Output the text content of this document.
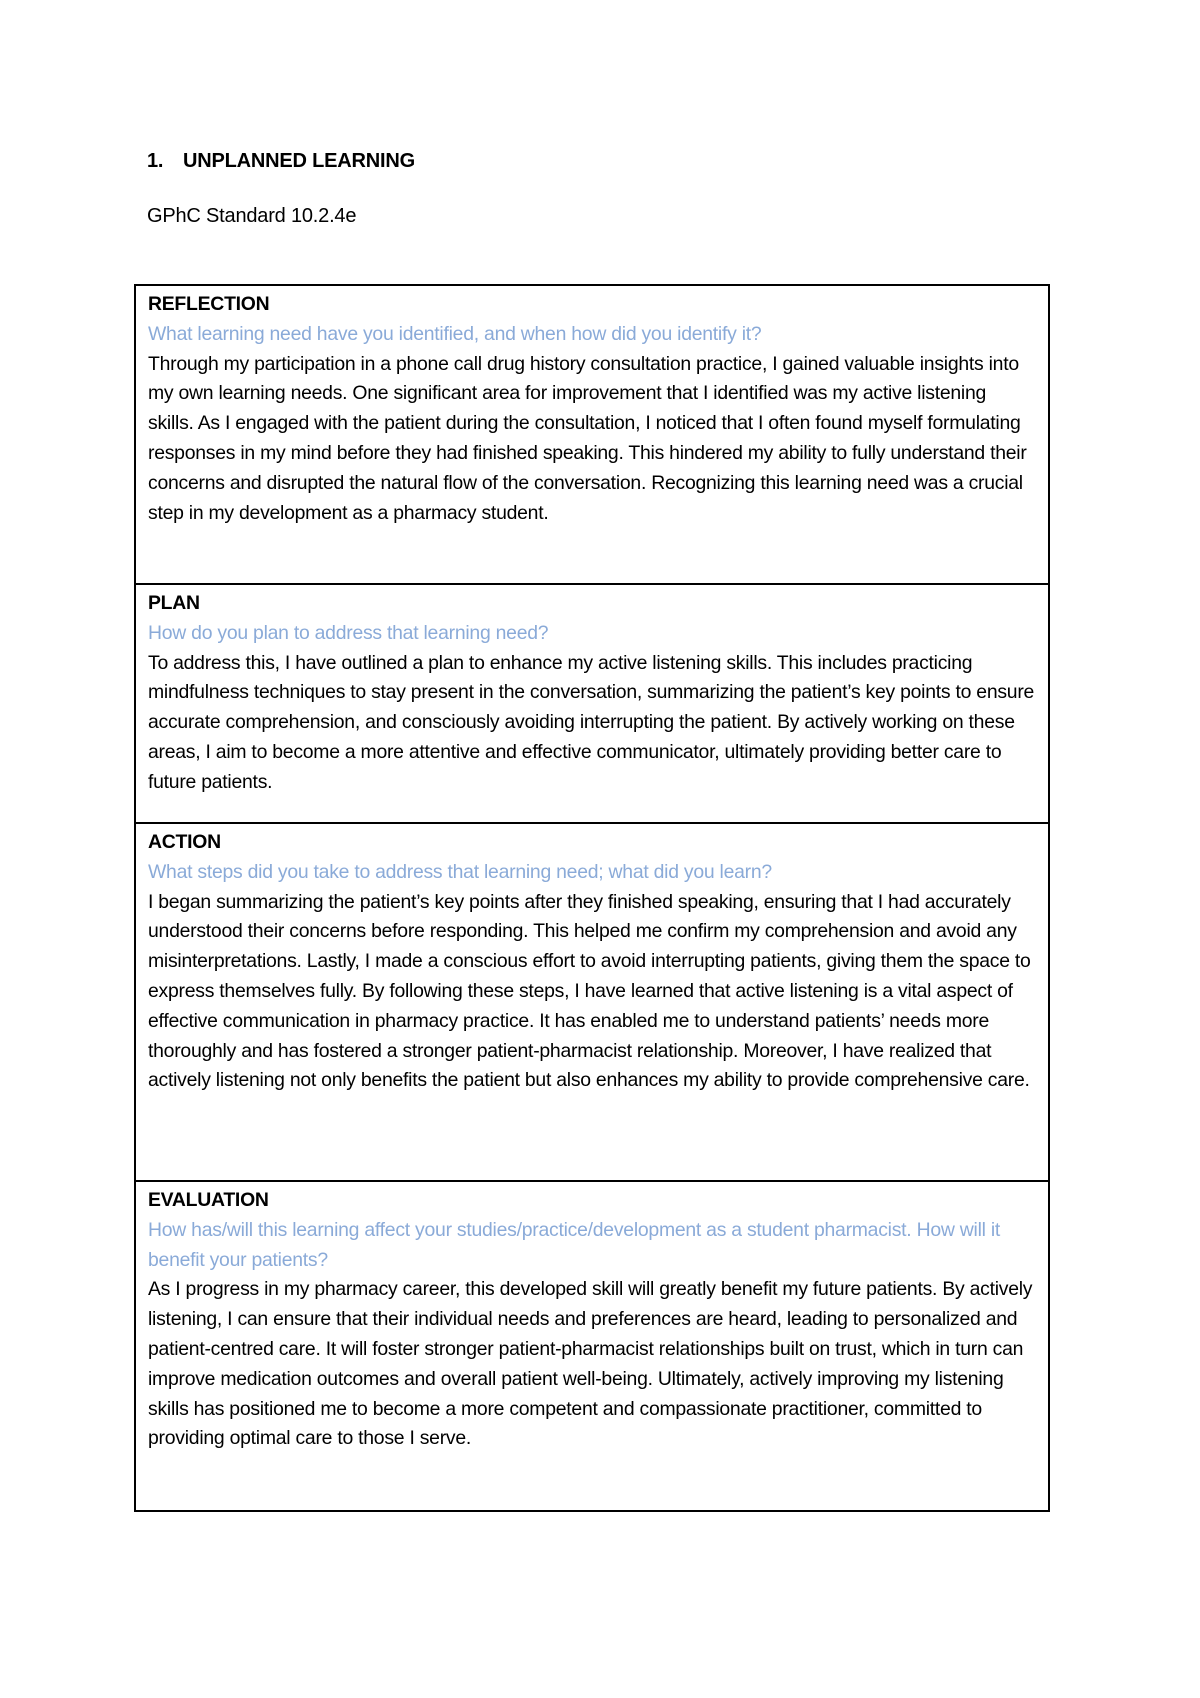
1. UNPLANNED LEARNING
GPhC Standard 10.2.4e
REFLECTION
What learning need have you identified, and when how did you identify it?
Through my participation in a phone call drug history consultation practice, I gained valuable insights into my own learning needs. One significant area for improvement that I identified was my active listening skills. As I engaged with the patient during the consultation, I noticed that I often found myself formulating responses in my mind before they had finished speaking. This hindered my ability to fully understand their concerns and disrupted the natural flow of the conversation. Recognizing this learning need was a crucial step in my development as a pharmacy student.
PLAN
How do you plan to address that learning need?
To address this, I have outlined a plan to enhance my active listening skills. This includes practicing mindfulness techniques to stay present in the conversation, summarizing the patient’s key points to ensure accurate comprehension, and consciously avoiding interrupting the patient. By actively working on these areas, I aim to become a more attentive and effective communicator, ultimately providing better care to future patients.
ACTION
What steps did you take to address that learning need; what did you learn?
I began summarizing the patient’s key points after they finished speaking, ensuring that I had accurately understood their concerns before responding. This helped me confirm my comprehension and avoid any misinterpretations. Lastly, I made a conscious effort to avoid interrupting patients, giving them the space to express themselves fully. By following these steps, I have learned that active listening is a vital aspect of effective communication in pharmacy practice. It has enabled me to understand patients’ needs more thoroughly and has fostered a stronger patient-pharmacist relationship. Moreover, I have realized that actively listening not only benefits the patient but also enhances my ability to provide comprehensive care.
EVALUATION
How has/will this learning affect your studies/practice/development as a student pharmacist. How will it benefit your patients?
As I progress in my pharmacy career, this developed skill will greatly benefit my future patients. By actively listening, I can ensure that their individual needs and preferences are heard, leading to personalized and patient-centred care. It will foster stronger patient-pharmacist relationships built on trust, which in turn can improve medication outcomes and overall patient well-being. Ultimately, actively improving my listening skills has positioned me to become a more competent and compassionate practitioner, committed to providing optimal care to those I serve.
